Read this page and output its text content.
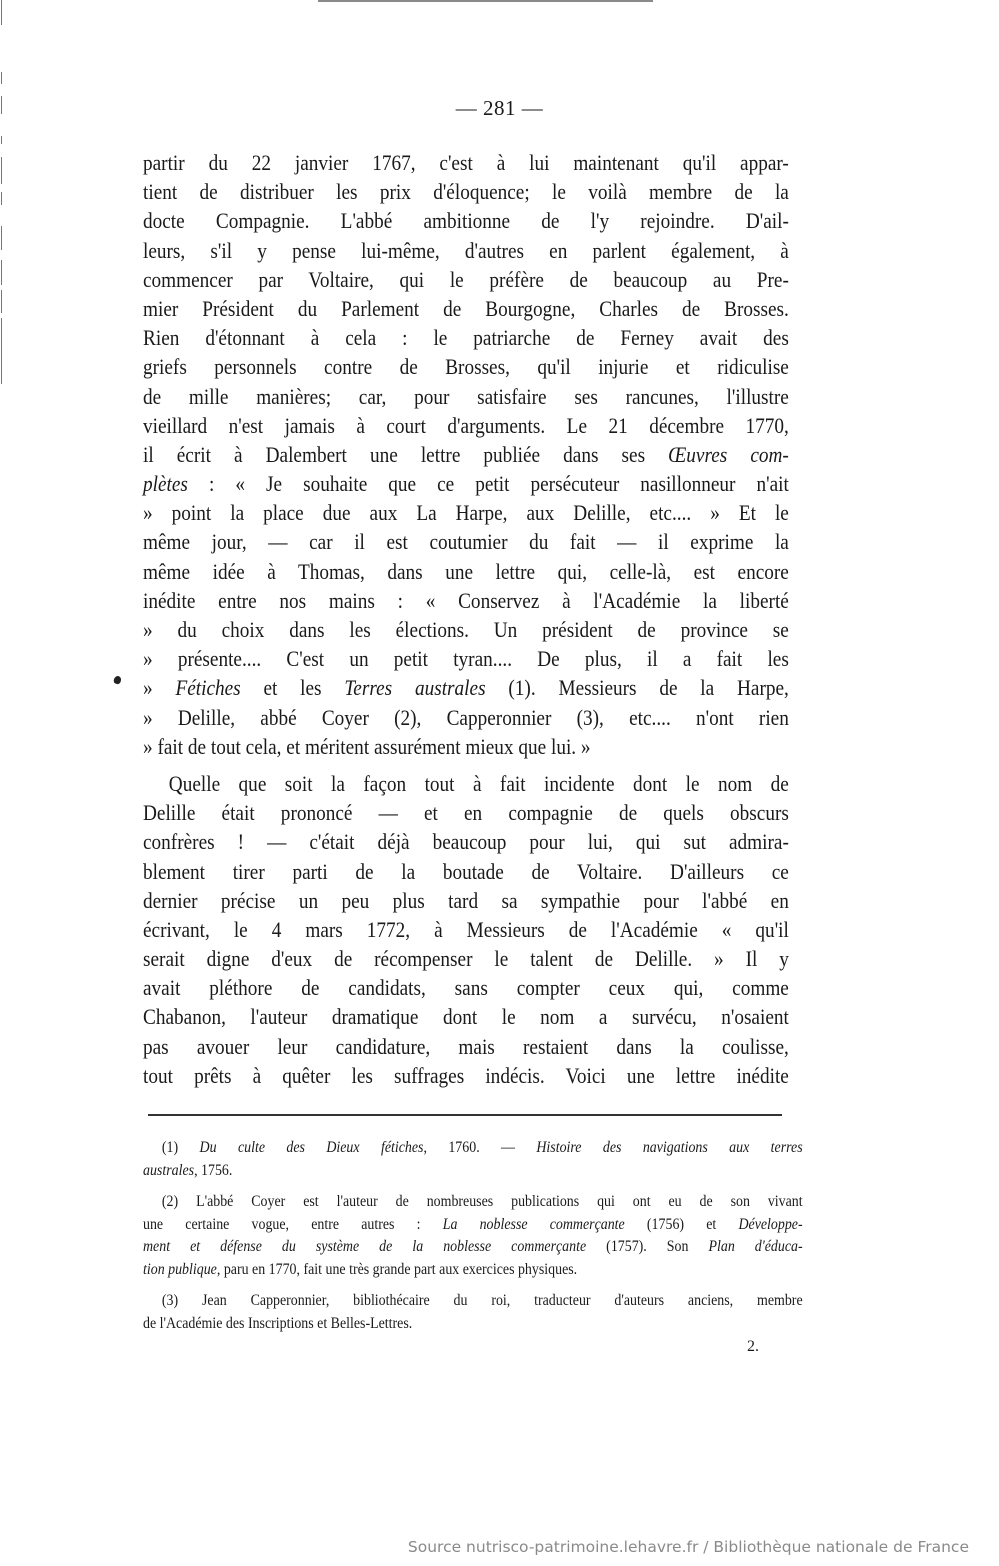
— 281 —
partir du 22 janvier 1767, c'est à lui maintenant qu'il appar-
tient de distribuer les prix d'éloquence; le voilà membre de la
docte Compagnie. L'abbé ambitionne de l'y rejoindre. D'ail-
leurs, s'il y pense lui-même, d'autres en parlent également, à
commencer par Voltaire, qui le préfère de beaucoup au Pre-
mier Président du Parlement de Bourgogne, Charles de Brosses.
Rien d'étonnant à cela : le patriarche de Ferney avait des
griefs personnels contre de Brosses, qu'il injurie et ridiculise
de mille manières; car, pour satisfaire ses rancunes, l'illustre
vieillard n'est jamais à court d'arguments. Le 21 décembre 1770,
il écrit à Dalembert une lettre publiée dans ses Œuvres com-
plètes : « Je souhaite que ce petit persécuteur nasillonneur n'ait
» point la place due aux La Harpe, aux Delille, etc.... » Et le
même jour, — car il est coutumier du fait — il exprime la
même idée à Thomas, dans une lettre qui, celle-là, est encore
inédite entre nos mains : « Conservez à l'Académie la liberté
» du choix dans les élections. Un président de province se
» présente.... C'est un petit tyran.... De plus, il a fait les
» Fétiches et les Terres australes (1). Messieurs de la Harpe,
» Delille, abbé Coyer (2), Capperonnier (3), etc.... n'ont rien
» fait de tout cela, et méritent assurément mieux que lui. »
Quelle que soit la façon tout à fait incidente dont le nom de
Delille était prononcé — et en compagnie de quels obscurs
confrères ! — c'était déjà beaucoup pour lui, qui sut admira-
blement tirer parti de la boutade de Voltaire. D'ailleurs ce
dernier précise un peu plus tard sa sympathie pour l'abbé en
écrivant, le 4 mars 1772, à Messieurs de l'Académie « qu'il
serait digne d'eux de récompenser le talent de Delille. » Il y
avait pléthore de candidats, sans compter ceux qui, comme
Chabanon, l'auteur dramatique dont le nom a survécu, n'osaient
pas avouer leur candidature, mais restaient dans la coulisse,
tout prêts à quêter les suffrages indécis. Voici une lettre inédite
(1) Du culte des Dieux fétiches, 1760. — Histoire des navigations aux terres
australes, 1756.
(2) L'abbé Coyer est l'auteur de nombreuses publications qui ont eu de son vivant
une certaine vogue, entre autres : La noblesse commerçante (1756) et Développe-
ment et défense du système de la noblesse commerçante (1757). Son Plan d'éduca-
tion publique, paru en 1770, fait une très grande part aux exercices physiques.
(3) Jean Capperonnier, bibliothécaire du roi, traducteur d'auteurs anciens, membre
de l'Académie des Inscriptions et Belles-Lettres.
2.
Source nutrisco-patrimoine.lehavre.fr / Bibliothèque nationale de France
